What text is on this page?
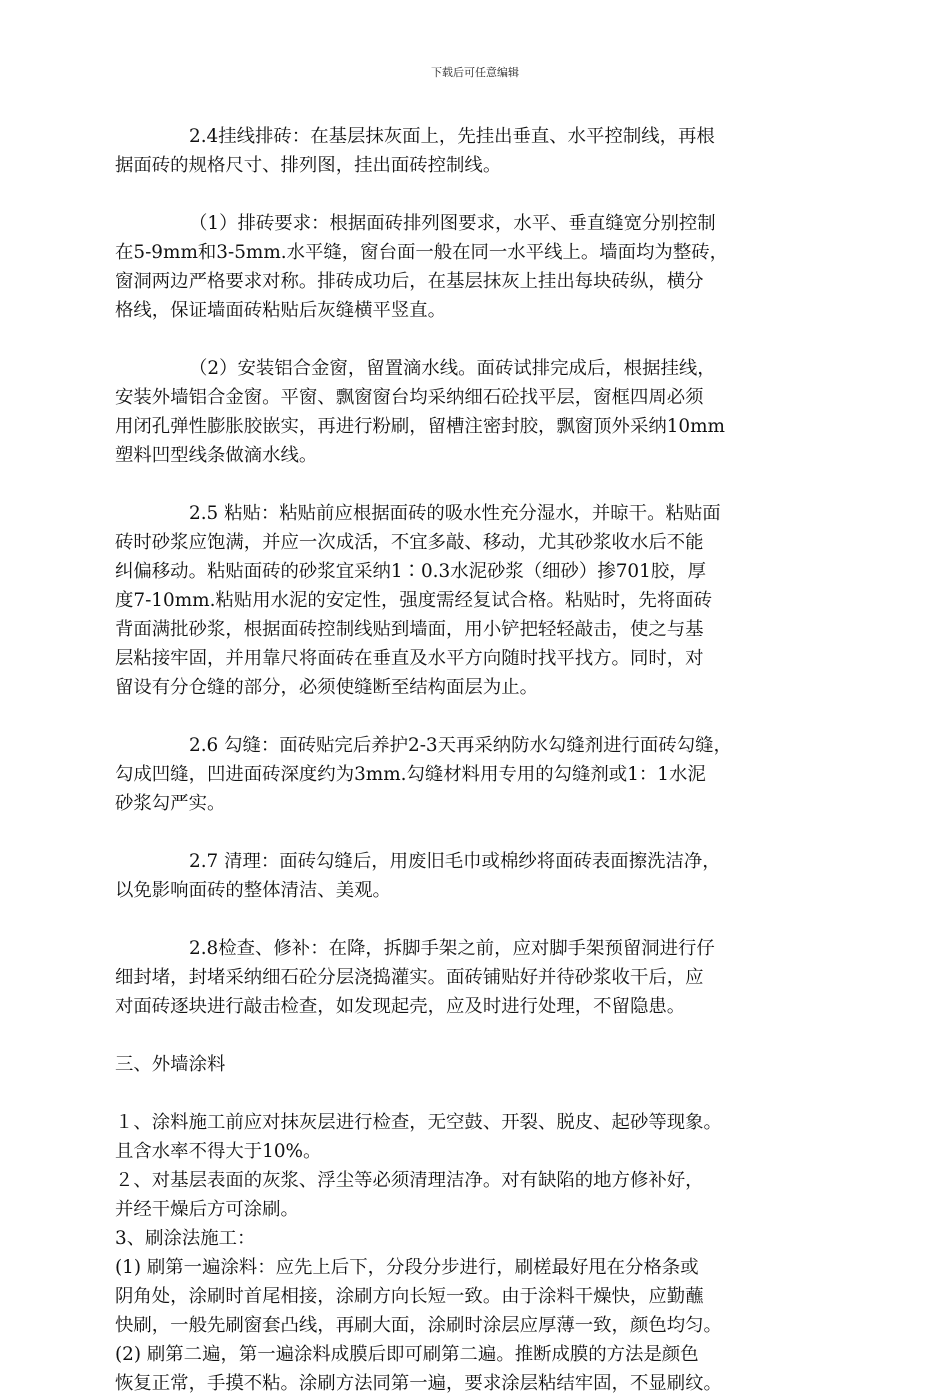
下载后可任意编辑
2.4挂线排砖：在基层抹灰面上，先挂出垂直、水平控制线，再根
据面砖的规格尺寸、排列图，挂出面砖控制线。
（1）排砖要求：根据面砖排列图要求，水平、垂直缝宽分别控制
在5-9mm和3-5mm.水平缝，窗台面一般在同一水平线上。墙面均为整砖，
窗洞两边严格要求对称。排砖成功后，在基层抹灰上挂出每块砖纵，横分
格线，保证墙面砖粘贴后灰缝横平竖直。
（2）安装铝合金窗，留置滴水线。面砖试排完成后，根据挂线，
安装外墙铝合金窗。平窗、飘窗窗台均采纳细石砼找平层，窗框四周必须
用闭孔弹性膨胀胶嵌实，再进行粉刷，留槽注密封胶，飘窗顶外采纳10mm
塑料凹型线条做滴水线。
2.5 粘贴：粘贴前应根据面砖的吸水性充分湿水，并晾干。粘贴面
砖时砂浆应饱满，并应一次成活，不宜多敲、移动，尤其砂浆收水后不能
纠偏移动。粘贴面砖的砂浆宜采纳1∶0.3水泥砂浆（细砂）掺701胶，厚
度7-10mm.粘贴用水泥的安定性，强度需经复试合格。粘贴时，先将面砖
背面满批砂浆，根据面砖控制线贴到墙面，用小铲把轻轻敲击，使之与基
层粘接牢固，并用靠尺将面砖在垂直及水平方向随时找平找方。同时，对
留设有分仓缝的部分，必须使缝断至结构面层为止。
2.6 勾缝：面砖贴完后养护2-3天再采纳防水勾缝剂进行面砖勾缝，
勾成凹缝，凹进面砖深度约为3mm.勾缝材料用专用的勾缝剂或1：1水泥
砂浆勾严实。
2.7 清理：面砖勾缝后，用废旧毛巾或棉纱将面砖表面擦洗洁净，
以免影响面砖的整体清洁、美观。
2.8检查、修补：在降，拆脚手架之前，应对脚手架预留洞进行仔
细封堵，封堵采纳细石砼分层浇捣灌实。面砖铺贴好并待砂浆收干后，应
对面砖逐块进行敲击检查，如发现起壳，应及时进行处理，不留隐患。
三、外墙涂料
１、涂料施工前应对抹灰层进行检查，无空鼓、开裂、脱皮、起砂等现象。
且含水率不得大于10%。
２、对基层表面的灰浆、浮尘等必须清理洁净。对有缺陷的地方修补好，
并经干燥后方可涂刷。
3、刷涂法施工：
(1) 刷第一遍涂料：应先上后下，分段分步进行，刷槎最好甩在分格条或
阴角处，涂刷时首尾相接，涂刷方向长短一致。由于涂料干燥快，应勤蘸
快刷，一般先刷窗套凸线，再刷大面，涂刷时涂层应厚薄一致，颜色均匀。
(2) 刷第二遍，第一遍涂料成膜后即可刷第二遍。推断成膜的方法是颜色
恢复正常，手摸不粘。涂刷方法同第一遍，要求涂层粘结牢固，不显刷纹。
